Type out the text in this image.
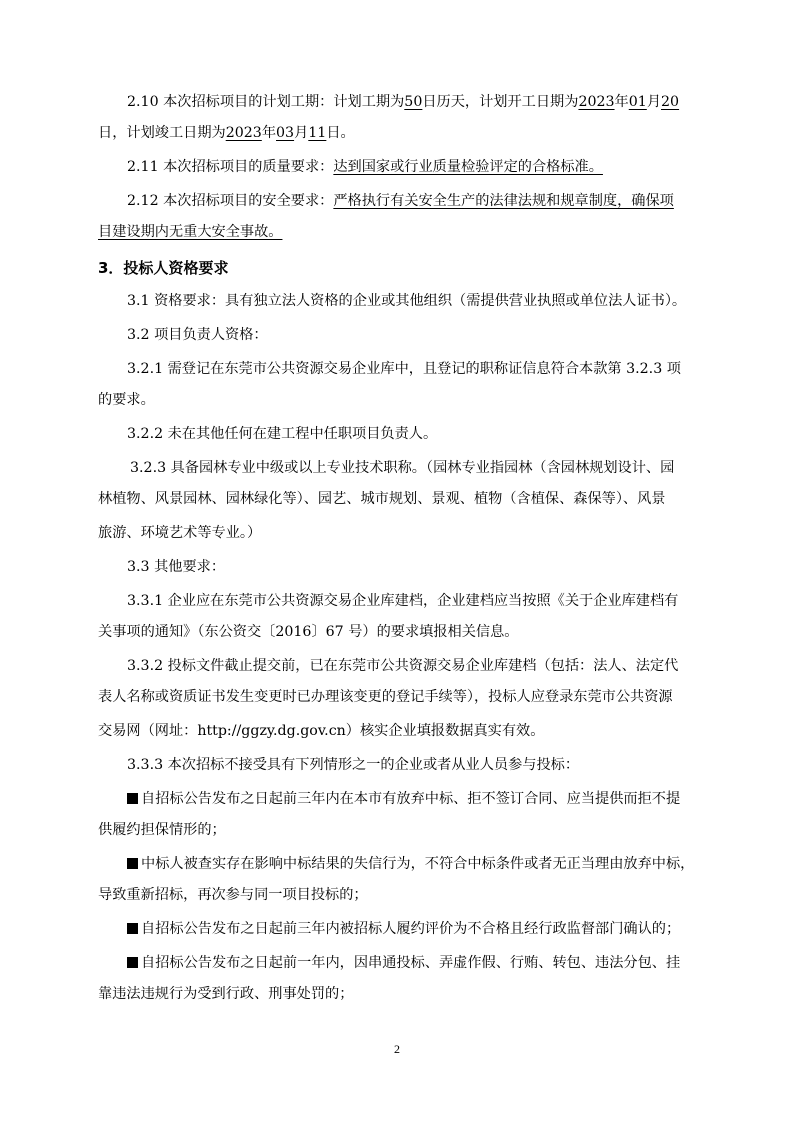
2.10 本次招标项目的计划工期：计划工期为50日历天，计划开工日期为2023年01月20
日，计划竣工日期为2023年03月11日。
2.11 本次招标项目的质量要求：达到国家或行业质量检验评定的合格标准。
2.12 本次招标项目的安全要求：严格执行有关安全生产的法律法规和规章制度，确保项
目建设期内无重大安全事故。
3．投标人资格要求
3.1 资格要求：具有独立法人资格的企业或其他组织（需提供营业执照或单位法人证书）。
3.2 项目负责人资格：
3.2.1 需登记在东莞市公共资源交易企业库中，且登记的职称证信息符合本款第 3.2.3 项
的要求。
3.2.2 未在其他任何在建工程中任职项目负责人。
3.2.3 具备园林专业中级或以上专业技术职称。（园林专业指园林（含园林规划设计、园
林植物、风景园林、园林绿化等）、园艺、城市规划、景观、植物（含植保、森保等）、风景
旅游、环境艺术等专业。）
3.3 其他要求：
3.3.1 企业应在东莞市公共资源交易企业库建档，企业建档应当按照《关于企业库建档有
关事项的通知》（东公资交〔2016〕67 号）的要求填报相关信息。
3.3.2 投标文件截止提交前，已在东莞市公共资源交易企业库建档（包括：法人、法定代
表人名称或资质证书发生变更时已办理该变更的登记手续等），投标人应登录东莞市公共资源
交易网（网址：http://ggzy.dg.gov.cn）核实企业填报数据真实有效。
3.3.3 本次招标不接受具有下列情形之一的企业或者从业人员参与投标：
自招标公告发布之日起前三年内在本市有放弃中标、拒不签订合同、应当提供而拒不提
供履约担保情形的；
中标人被查实存在影响中标结果的失信行为，不符合中标条件或者无正当理由放弃中标，
导致重新招标，再次参与同一项目投标的；
自招标公告发布之日起前三年内被招标人履约评价为不合格且经行政监督部门确认的；
自招标公告发布之日起前一年内，因串通投标、弄虚作假、行贿、转包、违法分包、挂
靠违法违规行为受到行政、刑事处罚的；
2
